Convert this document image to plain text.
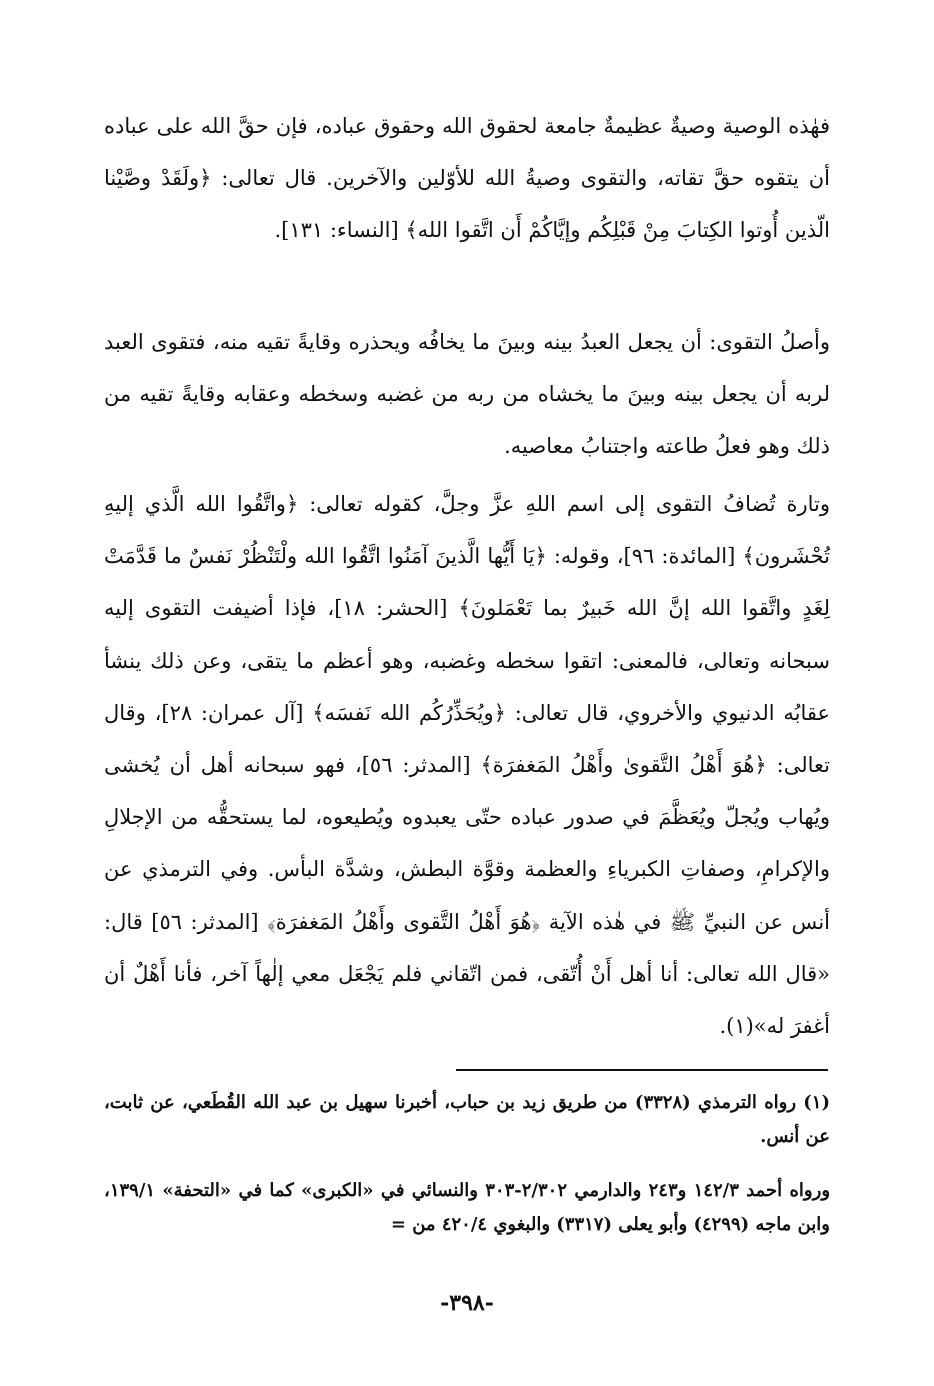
فهٰذه الوصية وصيةٌ عظيمةٌ جامعة لحقوق الله وحقوق عباده، فإن حقَّ الله على عباده أن يتقوه حقَّ تقاته، والتقوى وصيةُ الله للأوّلين والآخرين. قال تعالى: ﴿ولَقَدْ وصَّيْنا الّذين أُوتوا الكِتابَ مِنْ قَبْلِكُم وإيَّاكُمْ أَن اتَّقوا الله﴾ [النساء: ١٣١].

وأصلُ التقوى: أن يجعل العبدُ بينه وبينَ ما يخافُه ويحذره وقايةً تقيه منه، فتقوى العبد لربه أن يجعل بينه وبينَ ما يخشاه من ربه من غضبه وسخطه وعقابه وقايةً تقيه من ذلك وهو فعلُ طاعته واجتنابُ معاصيه.

وتارة تُضافُ التقوى إلى اسم اللهِ عزَّ وجلَّ، كقوله تعالى: ﴿واتَّقُوا الله الَّذي إليهِ تُحْشَرون﴾ [المائدة: ٩٦]، وقوله: ﴿يَا أَيُّها الَّذينَ آمَنُوا اتَّقُوا الله ولْتَنْظُرْ نَفسٌ ما قَدَّمَتْ لِغَدٍ واتَّقوا الله إنَّ الله خَبيرٌ بما تَعْمَلونَ﴾ [الحشر: ١٨]، فإذا أضيفت التقوى إليه سبحانه وتعالى، فالمعنى: اتقوا سخطه وغضبه، وهو أعظم ما يتقى، وعن ذلك ينشأ عقابُه الدنيوي والأخروي، قال تعالى: ﴿ويُحَذِّرُكُم الله نَفسَه﴾ [آل عمران: ٢٨]، وقال تعالى: ﴿هُوَ أَهْلُ التَّقوىٰ وأَهْلُ المَغفرَة﴾ [المدثر: ٥٦]، فهو سبحانه أهل أن يُخشى ويُهاب ويُجلّ ويُعَظَّمَ في صدور عباده حتّى يعبدوه ويُطيعوه، لما يستحقُّه من الإجلالِ والإكرامِ، وصفاتِ الكبرياءِ والعظمة وقوَّة البطش، وشدَّة البأس. وفي الترمذي عن أنس عن النبيِّ ﷺ في هٰذه الآية ﴿هُوَ أَهْلُ التَّقوى وأَهْلُ المَغفرَة﴾ [المدثر: ٥٦] قال: «قال الله تعالى: أنا أهل أَنْ أُتّقى، فمن اتّقاني فلم يَجْعَل معي إلٰهاً آخر، فأنا أَهْلٌ أن أغفرَ له»(١).

(١) رواه الترمذي (٣٣٢٨) من طريق زيد بن حباب، أخبرنا سهيل بن عبد الله القُطَعي، عن ثابت، عن أنس.

ورواه أحمد ١٤٢/٣ و٢٤٣ والدارمي ٢/٣٠٢-٣٠٣ والنسائي في «الكبرى» كما في «التحفة» ١٣٩/١، وابن ماجه (٤٢٩٩) وأبو يعلى (٣٣١٧) والبغوي ٤٢٠/٤ من =

-٣٩٨-
